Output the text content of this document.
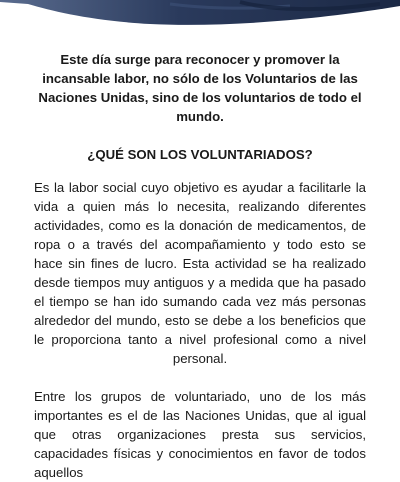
Este día surge para reconocer y promover la incansable labor, no sólo de los Voluntarios de las Naciones Unidas, sino de los voluntarios de todo el mundo.

¿QUÉ SON LOS VOLUNTARIADOS?

Es la labor social cuyo objetivo es ayudar a facilitarle la vida a quien más lo necesita, realizando diferentes actividades, como es la donación de medicamentos, de ropa o a través del acompañamiento y todo esto se hace sin fines de lucro. Esta actividad se ha realizado desde tiempos muy antiguos y a medida que ha pasado el tiempo se han ido sumando cada vez más personas alrededor del mundo, esto se debe a los beneficios que le proporciona tanto a nivel profesional como a nivel personal.

Entre los grupos de voluntariado, uno de los más importantes es el de las Naciones Unidas, que al igual que otras organizaciones presta sus servicios, capacidades físicas y conocimientos en favor de todos aquellos
